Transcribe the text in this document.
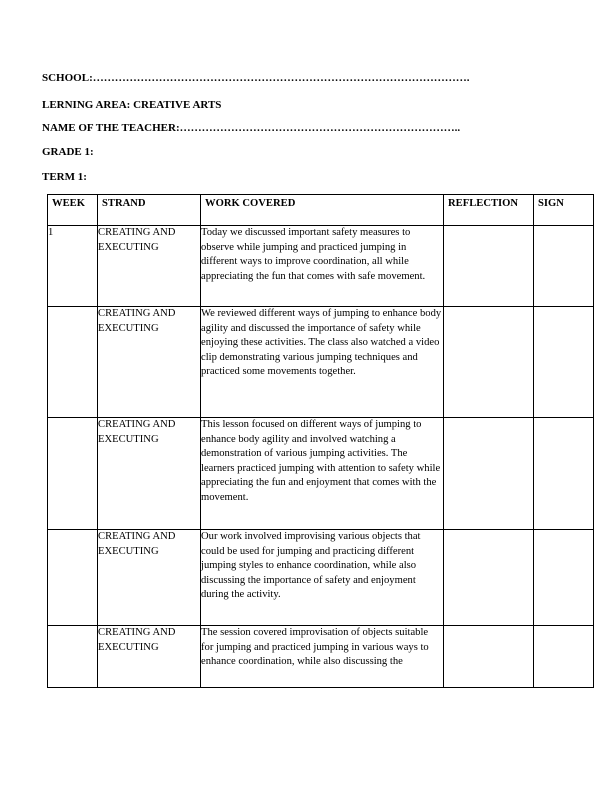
SCHOOL:………………………………………………………………………………………….
LERNING AREA: CREATIVE ARTS
NAME OF THE TEACHER:…………………………………………………………………..
GRADE 1:
TERM 1:
WEEK	STRAND	WORK COVERED	REFLECTION	SIGN
1	CREATING AND EXECUTING	Today we discussed important safety measures to observe while jumping and practiced jumping in different ways to improve coordination, all while appreciating the fun that comes with safe movement.		
	CREATING AND EXECUTING	We reviewed different ways of jumping to enhance body agility and discussed the importance of safety while enjoying these activities. The class also watched a video clip demonstrating various jumping techniques and practiced some movements together.		
	CREATING AND EXECUTING	This lesson focused on different ways of jumping to enhance body agility and involved watching a demonstration of various jumping activities. The learners practiced jumping with attention to safety while appreciating the fun and enjoyment that comes with the movement.		
	CREATING AND EXECUTING	Our work involved improvising various objects that could be used for jumping and practicing different jumping styles to enhance coordination, while also discussing the importance of safety and enjoyment during the activity.		
	CREATING AND EXECUTING	The session covered improvisation of objects suitable for jumping and practiced jumping in various ways to enhance coordination, while also discussing the		
